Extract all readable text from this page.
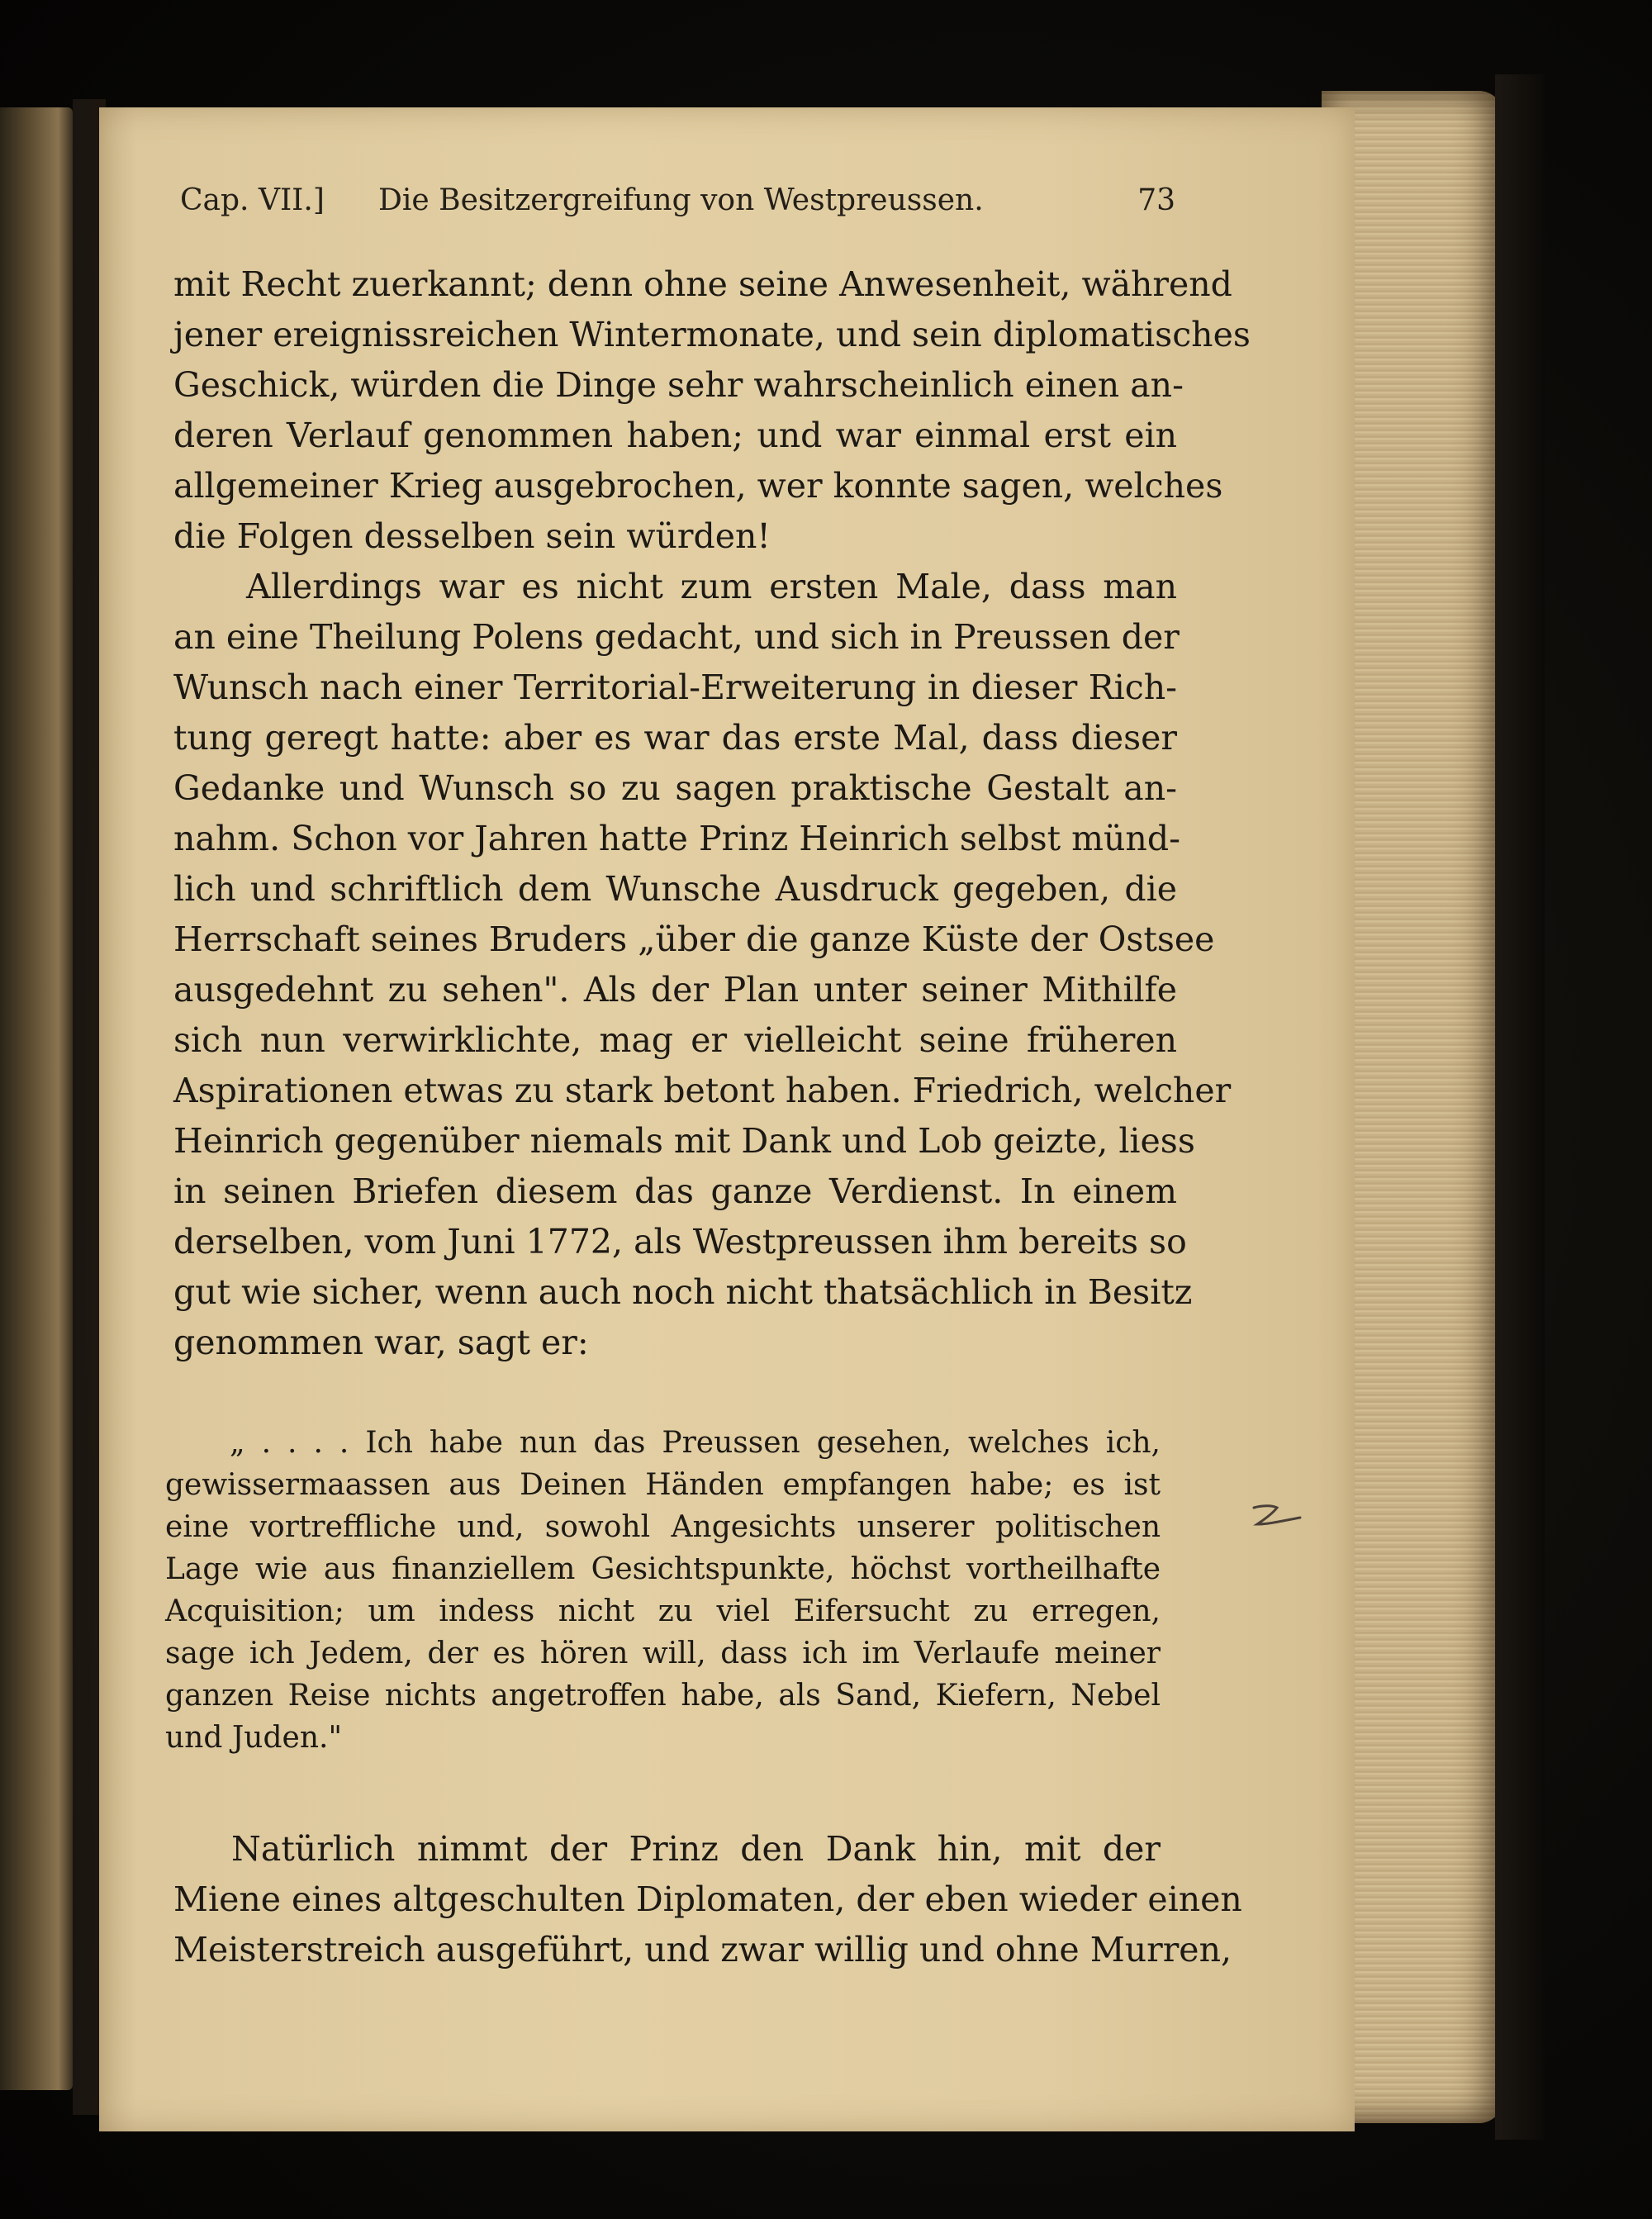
Cap. VII.] Die Besitzergreifung von Westpreussen.	73
mit Recht zuerkannt; denn ohne seine Anwesenheit, während
jener ereignissreichen Wintermonate, und sein diplomatisches
Geschick, würden die Dinge sehr wahrscheinlich einen an-
deren Verlauf genommen haben; und war einmal erst ein
allgemeiner Krieg ausgebrochen, wer konnte sagen, welches
die Folgen desselben sein würden!
Allerdings war es nicht zum ersten Male, dass man
an eine Theilung Polens gedacht, und sich in Preussen der
Wunsch nach einer Territorial-Erweiterung in dieser Rich-
tung geregt hatte: aber es war das erste Mal, dass dieser
Gedanke und Wunsch so zu sagen praktische Gestalt an-
nahm. Schon vor Jahren hatte Prinz Heinrich selbst münd-
lich und schriftlich dem Wunsche Ausdruck gegeben, die
Herrschaft seines Bruders „über die ganze Küste der Ostsee
ausgedehnt zu sehen". Als der Plan unter seiner Mithilfe
sich nun verwirklichte, mag er vielleicht seine früheren
Aspirationen etwas zu stark betont haben. Friedrich, welcher
Heinrich gegenüber niemals mit Dank und Lob geizte, liess
in seinen Briefen diesem das ganze Verdienst. In einem
derselben, vom Juni 1772, als Westpreussen ihm bereits so
gut wie sicher, wenn auch noch nicht thatsächlich in Besitz
genommen war, sagt er:
„ . . . . Ich habe nun das Preussen gesehen, welches ich,
gewissermaassen aus Deinen Händen empfangen habe; es ist
eine vortreffliche und, sowohl Angesichts unserer politischen
Lage wie aus finanziellem Gesichtspunkte, höchst vortheilhafte
Acquisition; um indess nicht zu viel Eifersucht zu erregen,
sage ich Jedem, der es hören will, dass ich im Verlaufe meiner
ganzen Reise nichts angetroffen habe, als Sand, Kiefern, Nebel
und Juden."
Natürlich nimmt der Prinz den Dank hin, mit der
Miene eines altgeschulten Diplomaten, der eben wieder einen
Meisterstreich ausgeführt, und zwar willig und ohne Murren,
